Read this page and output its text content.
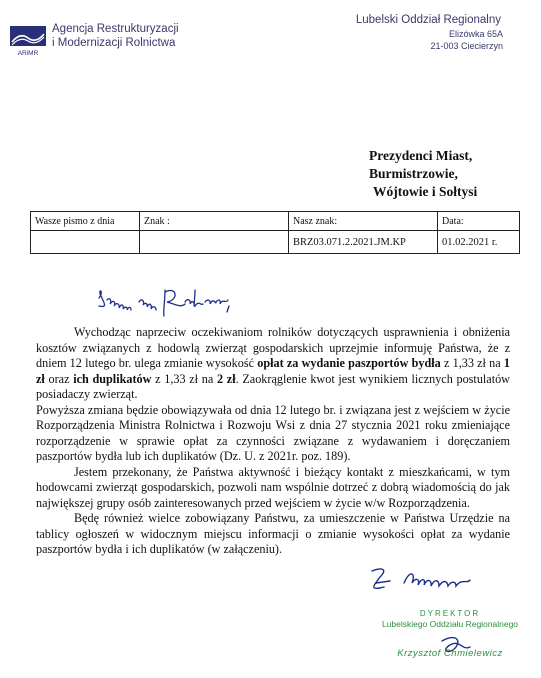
ARiMR
Agencja Restrukturyzacji
i Modernizacji Rolnictwa
Lubelski Oddział Regionalny
Elizówka 65A
21-003 Ciecierzyn
Prezydenci Miast,
Burmistrzowie,
Wójtowie i Sołtysi
Wasze pismo z dnia	Znak :	Nasz znak:	Data:
		BRZ03.071.2.2021.JM.KP	01.02.2021 r.

Wychodząc naprzeciw oczekiwaniom rolników dotyczących usprawnienia i obniżenia kosztów związanych z hodowlą zwierząt gospodarskich uprzejmie informuję Państwa, że z dniem 12 lutego br. ulega zmianie wysokość opłat za wydanie paszportów bydła z 1,33 zł na 1 zł oraz ich duplikatów z 1,33 zł na 2 zł. Zaokrąglenie kwot jest wynikiem licznych postulatów posiadaczy zwierząt.

Powyższa zmiana będzie obowiązywała od dnia 12 lutego br. i związana jest z wejściem w życie Rozporządzenia Ministra Rolnictwa i Rozwoju Wsi z dnia 27 stycznia 2021 roku zmieniające rozporządzenie w sprawie opłat za czynności związane z wydawaniem i doręczaniem paszportów bydła lub ich duplikatów (Dz. U. z 2021r. poz. 189).

Jestem przekonany, że Państwa aktywność i bieżący kontakt z mieszkańcami, w tym hodowcami zwierząt gospodarskich, pozwoli nam wspólnie dotrzeć z dobrą wiadomością do jak największej grupy osób zainteresowanych przed wejściem w życie w/w Rozporządzenia.

Będę również wielce zobowiązany Państwu, za umieszczenie w Państwa Urzędzie na tablicy ogłoszeń w widocznym miejscu informacji o zmianie wysokości opłat za wydanie paszportów bydła i ich duplikatów (w załączeniu).

DYREKTOR
Lubelskiego Oddziału Regionalnego
Krzysztof Chmielewicz
